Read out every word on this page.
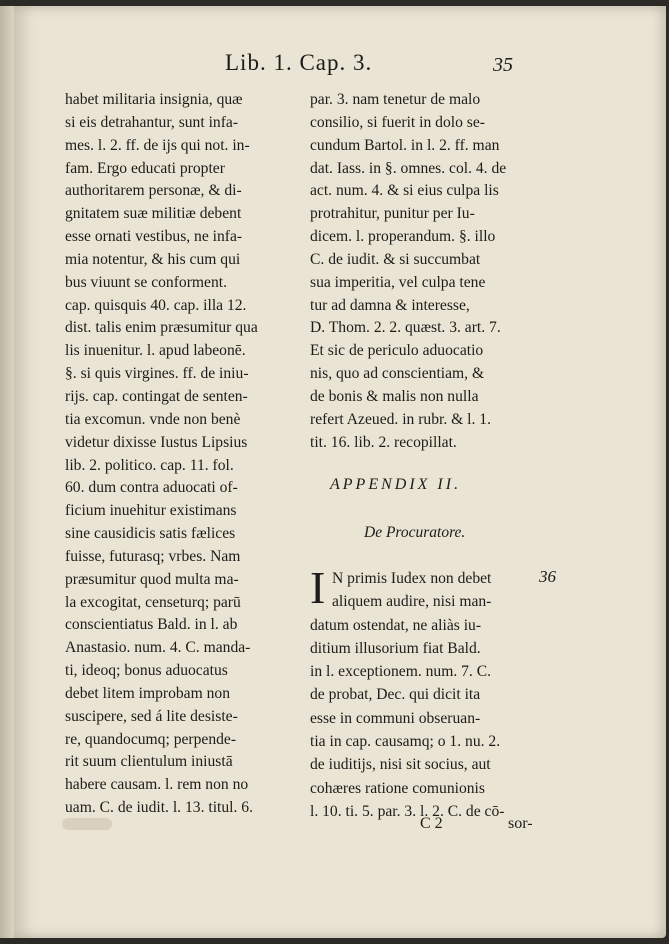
Lib. 1. Cap. 3.	35
habet militaria insignia, quæ
si eis detrahantur, sunt infa-
mes. l. 2. ff. de ijs qui not. in-
fam. Ergo educati propter
authoritarem personæ, & di-
gnitatem suæ militiæ debent
esse ornati vestibus, ne infa-
mia notentur, & his cum qui
bus viuunt se conforment.
cap. quisquis 40. cap. illa 12.
dist. talis enim præsumitur qua
lis inuenitur. l. apud labeonē.
§. si quis virgines. ff. de iniu-
rijs. cap. contingat de senten-
tia excomun. vnde non benè
videtur dixisse Iustus Lipsius
lib. 2. politico. cap. 11. fol.
60. dum contra aduocati of-
ficium inuehitur existimans
sine causidicis satis fælices
fuisse, futurasq; vrbes. Nam
præsumitur quod multa ma-
la excogitat, censeturq; parū
conscientiatus Bald. in l. ab
Anastasio. num. 4. C. manda-
ti, ideoq; bonus aduocatus
debet litem improbam non
suscipere, sed á lite desiste-
re, quandocumq; perpende-
rit suum clientulum iniustā
habere causam. l. rem non no
uam. C. de iudit. l. 13. titul. 6.
par. 3. nam tenetur de malo
consilio, si fuerit in dolo se-
cundum Bartol. in l. 2. ff. man
dat. Iass. in §. omnes. col. 4. de
act. num. 4. & si eius culpa lis
protrahitur, punitur per Iu-
dicem. l. properandum. §. illo
C. de iudit. & si succumbat
sua imperitia, vel culpa tene
tur ad damna & interesse,
D. Thom. 2. 2. quæst. 3. art. 7.
Et sic de periculo aduocatio
nis, quo ad conscientiam, &
de bonis & malis non nulla
refert Azeued. in rubr. & l. 1.
tit. 16. lib. 2. recopillat.
APPENDIX II.
De Procuratore.
I N primis Iudex non debet
aliquem audire, nisi man-
datum ostendat, ne aliàs iu-
ditium illusorium fiat Bald.
in l. exceptionem. num. 7. C.
de probat, Dec. qui dicit ita
esse in communi obseruan-
tia in cap. causamq; o 1. nu. 2.
de iuditijs, nisi sit socius, aut
cohæres ratione comunionis
l. 10. ti. 5. par. 3. l. 2. C. de cō-
36
C 2	sor-
